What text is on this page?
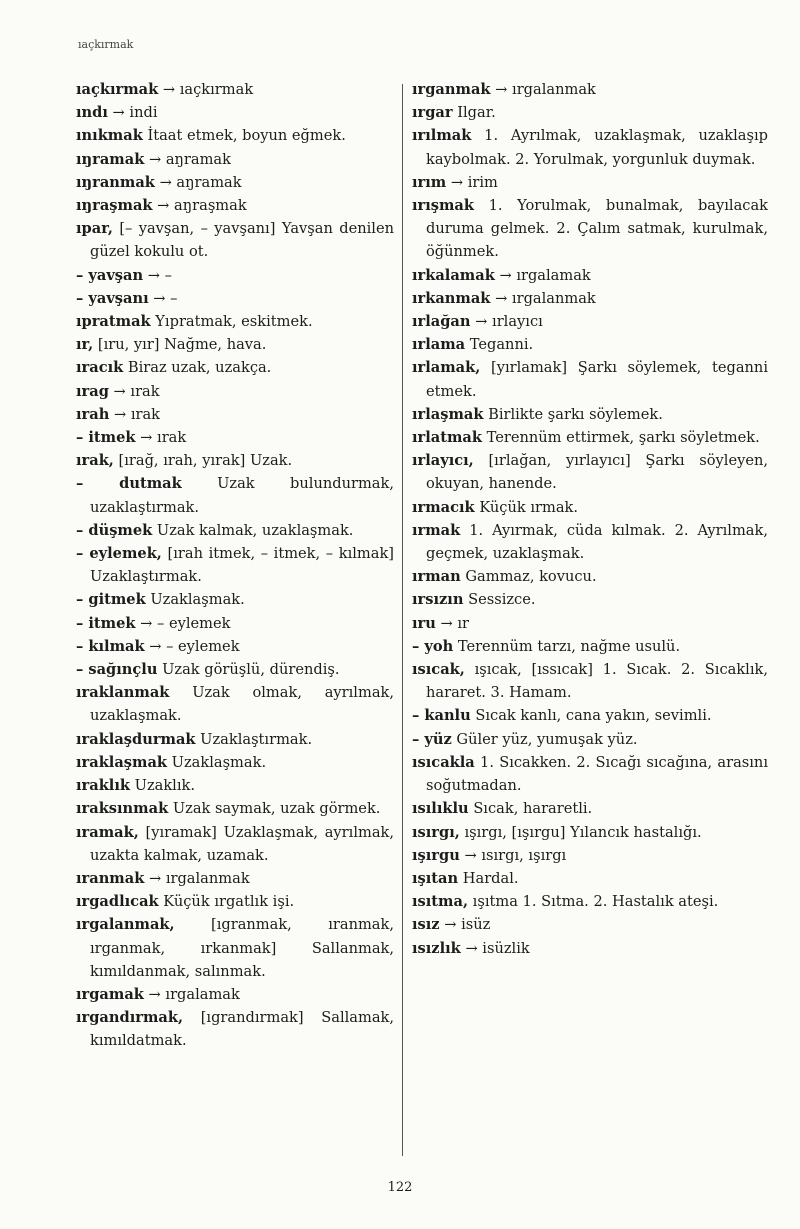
ıaçkırmak
ıaçkırmak → ıaçkırmak
ındı → indi
ınıkmak İtaat etmek, boyun eğmek.
ıŋramak → aŋramak
ıŋranmak → aŋramak
ıŋraşmak → aŋraşmak
ıpar, [– yavşan, – yavşanı] Yavşan denilen güzel kokulu ot.
– yavşan → –
– yavşanı → –
ıpratmak Yıpratmak, eskitmek.
ır, [ıru, yır] Nağme, hava.
ıracık Biraz uzak, uzakça.
ırag → ırak
ırah → ırak
– itmek → ırak
ırak, [ırağ, ırah, yırak] Uzak.
– dutmak Uzak bulundurmak, uzaklaştırmak.
– düşmek Uzak kalmak, uzaklaşmak.
– eylemek, [ırah itmek, – itmek, – kılmak] Uzaklaştırmak.
– gitmek Uzaklaşmak.
– itmek → – eylemek
– kılmak → – eylemek
– sağınçlu Uzak görüşlü, dürendiş.
ıraklanmak Uzak olmak, ayrılmak, uzaklaşmak.
ıraklaşdurmak Uzaklaştırmak.
ıraklaşmak Uzaklaşmak.
ıraklık Uzaklık.
ıraksınmak Uzak saymak, uzak görmek.
ıramak, [yıramak] Uzaklaşmak, ayrılmak, uzakta kalmak, uzamak.
ıranmak → ırgalanmak
ırgadlıcak Küçük ırgatlık işi.
ırgalanmak, [ıgranmak, ıranmak, ırganmak, ırkanmak] Sallanmak, kımıldanmak, salınmak.
ırgamak → ırgalamak
ırgandırmak, [ıgrandırmak] Sallamak, kımıldatmak.
ırganmak → ırgalanmak
ırgar Ilgar.
ırılmak 1. Ayrılmak, uzaklaşmak, uzaklaşıp kaybolmak. 2. Yorulmak, yorgunluk duymak.
ırım → irim
ırışmak 1. Yorulmak, bunalmak, bayılacak duruma gelmek. 2. Çalım satmak, kurulmak, öğünmek.
ırkalamak → ırgalamak
ırkanmak → ırgalanmak
ırlağan → ırlayıcı
ırlama Teganni.
ırlamak, [yırlamak] Şarkı söylemek, teganni etmek.
ırlaşmak Birlikte şarkı söylemek.
ırlatmak Terennüm ettirmek, şarkı söyletmek.
ırlayıcı, [ırlağan, yırlayıcı] Şarkı söyleyen, okuyan, hanende.
ırmacık Küçük ırmak.
ırmak 1. Ayırmak, cüda kılmak. 2. Ayrılmak, geçmek, uzaklaşmak.
ırman Gammaz, kovucu.
ırsızın Sessizce.
ıru → ır
– yoh Terennüm tarzı, nağme usulü.
ısıcak, ışıcak, [ıssıcak] 1. Sıcak. 2. Sıcaklık, hararet. 3. Hamam.
– kanlu Sıcak kanlı, cana yakın, sevimli.
– yüz Güler yüz, yumuşak yüz.
ısıcakla 1. Sıcakken. 2. Sıcağı sıcağına, arasını soğutmadan.
ısılıklu Sıcak, hararetli.
ısırgı, ışırgı, [ışırgu] Yılancık hastalığı.
ışırgu → ısırgı, ışırgı
ışıtan Hardal.
ısıtma, ışıtma 1. Sıtma. 2. Hastalık ateşi.
ısız → isüz
ısızlık → isüzlik
122
